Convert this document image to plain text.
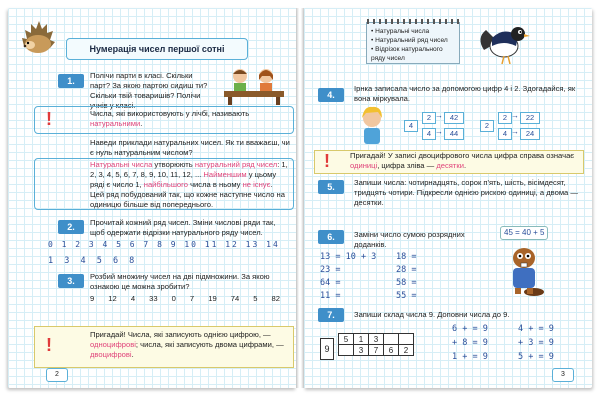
Нумерація чисел першої сотні
1.
Полічи парти в класі. Скільки парт? За якою партою сидиш ти? Скільки твій товаришів? Полічи учнів у класі.
!	Числа, які використовують у лічбі, називають натуральними.
Наведи приклади натуральних чисел. Як ти вважаєш, чи є нуль натуральним числом?
Натуральні числа утворюють натуральний ряд чисел: 1, 2, 3, 4, 5, 6, 7, 8, 9, 10, 11, 12, ... Найменшим у цьому ряді є число 1, найбільшого числа в ньому не існує. Цей ряд побудований так, що кожне наступне число на одиницю більше від попереднього.
2.	Прочитай кожний ряд чисел. Зміни числові ряди так, щоб одержати відрізки натурального ряду чисел.
0 1 2 3 4 5 6 7 8 9 10 11 12 13 14
1 3 4 5 6 8
3.	Розбий множину чисел на дві підмножини. За якою ознакою це можна зробити?
9 12 4 33 0 7 19 74 5 82
!
Пригадай! Числа, які записують однією цифрою, — одноцифрові; числа, які записують двома цифрами, — двоцифрові.
2
• Натуральні числа
• Натуральний ряд чисел
• Відрізок натурального ряду чисел
4.
Ірнка записала число за допомогою цифр 4 і 2. Здогадайся, як вона міркувала.
4
2
4
42
44
→
→
2
2
4
22
24
→
→
!	Пригадай! У записі двоцифрового числа цифра справа означає одиниці, цифра зліва — десятки.
5.	Запиши числа: чотирнадцять, сорок п'ять, шість, вісімдесят, тридцять чотири. Підкресли однією рискою одиниці, а двома — десятки.
6.	Заміни число сумою розрядних доданків.
13 = 10 + 3 18 =
23 =	28 =
64 =	58 =
11 =	55 =
45 = 40 + 5
7.	Запиши склад числа 9. Доповни числа до 9.
9
5	1	3		
	3	7	6	2
6 + = 9	4 + = 9
+ 8 = 9	+ 3 = 9
1 + = 9	5 + = 9
3
